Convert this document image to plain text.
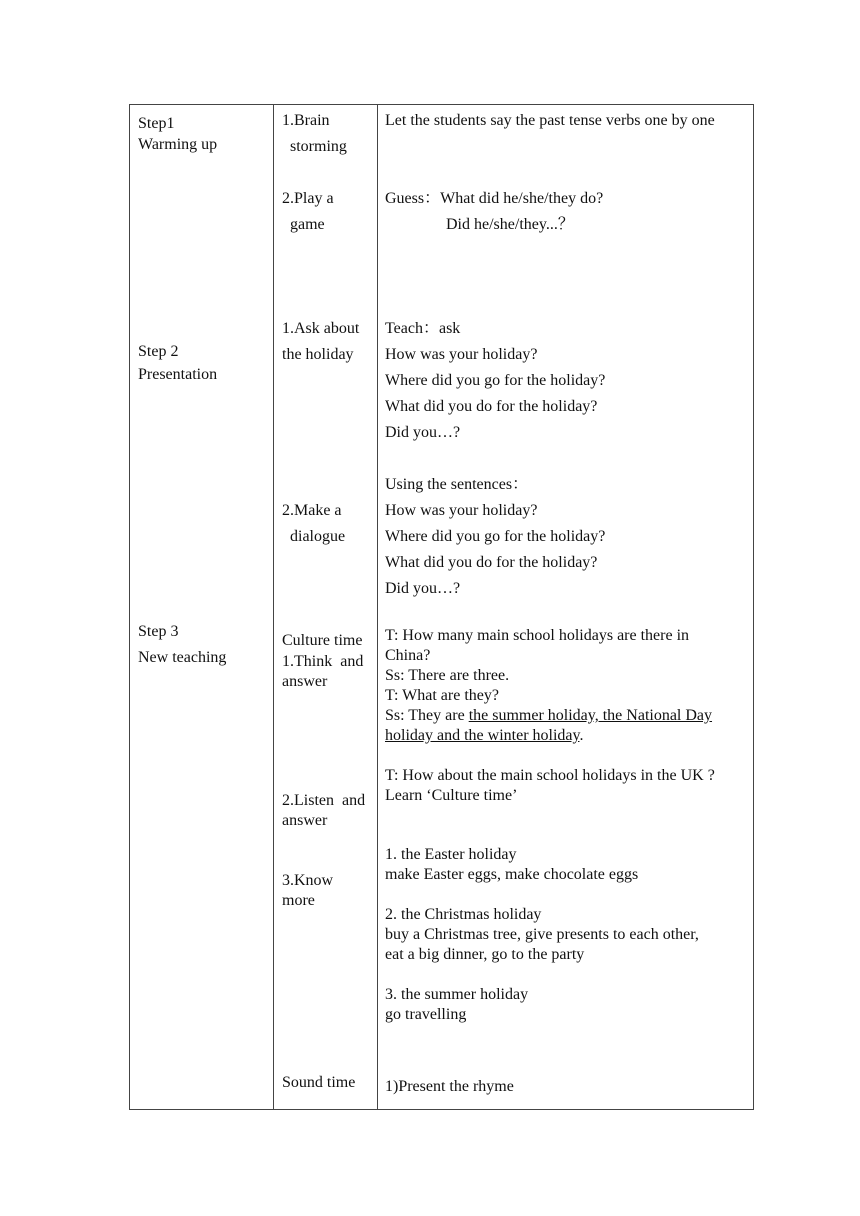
Step1
Warming up
Step 2
Presentation
Step 3
New teaching
1.Brain
storming
2.Play a
game
1.Ask about
the holiday
2.Make a
dialogue
Culture time
1.Think  and
answer
2.Listen  and
answer
3.Know
more
Sound time
Let the students say the past tense verbs one by one
Guess：What did he/she/they do?
Did he/she/they...？
Teach：ask
How was your holiday?
Where did you go for the holiday?
What did you do for the holiday?
Did you…?
Using the sentences：
How was your holiday?
Where did you go for the holiday?
What did you do for the holiday?
Did you…?
T: How many main school holidays are there in
China?
Ss: There are three.
T: What are they?
Ss: They are the summer holiday, the National Day
holiday and the winter holiday.
T: How about the main school holidays in the UK ?
Learn ‘Culture time’
1. the Easter holiday
make Easter eggs, make chocolate eggs
2. the Christmas holiday
buy a Christmas tree, give presents to each other,
eat a big dinner, go to the party
3. the summer holiday
go travelling
1)Present the rhyme
